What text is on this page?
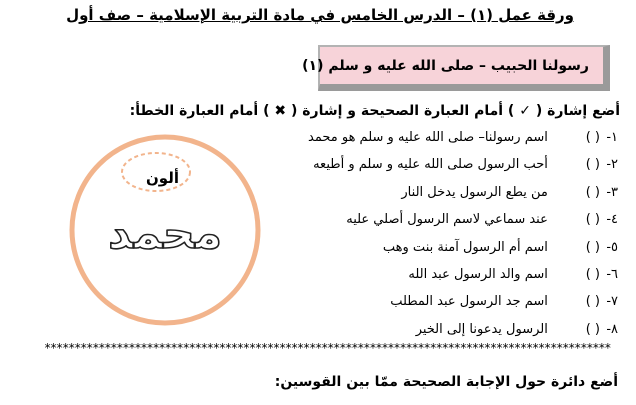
ورقة عمل (١) – الدرس الخامس في مادة التربية الإسلامية – صف أول
رسولنا الحبيب – صلى الله عليه و سلم (١)
أضع إشارة ( ✓ ) أمام العبارة الصحيحة و إشارة ( ✖ ) أمام العبارة الخطأ:
١-( ) اسم رسولنا– صلى الله عليه و سلم هو محمد
٢-( ) أحب الرسول صلى الله عليه و سلم و أطيعه
٣-( ) من يطع الرسول يدخل النار
٤-( ) عند سماعي لاسم الرسول أصلي عليه
٥-( ) اسم أم الرسول آمنة بنت وهب
٦-( ) اسم والد الرسول عبد الله
٧-( ) اسم جد الرسول عبد المطلب
٨-( ) الرسول يدعونا إلى الخير
محمد
ألون
**********************************************************************************************
أضع دائرة حول الإجابة الصحيحة ممّا بين القوسين:
